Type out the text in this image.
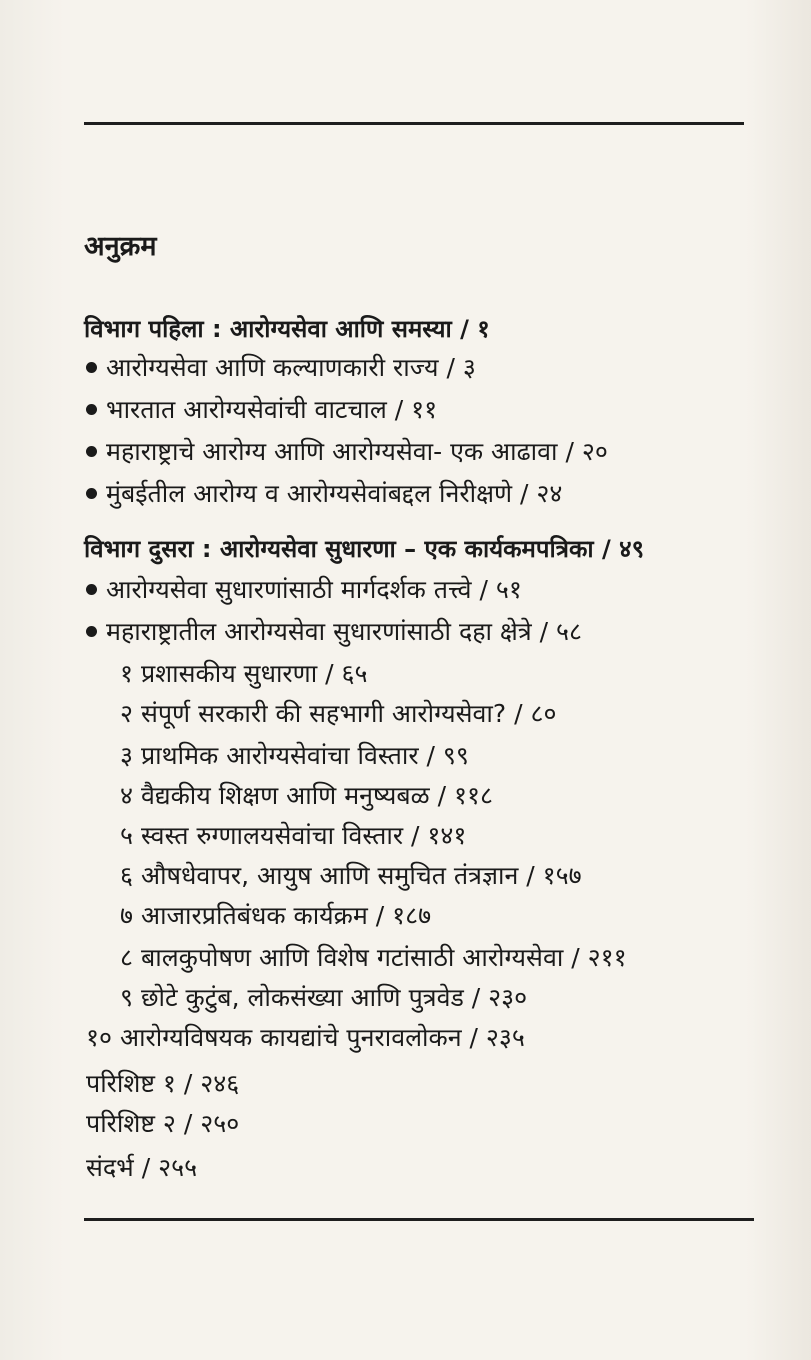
अनुक्रम
विभाग पहिला : आरोग्यसेवा आणि समस्या / १
आरोग्यसेवा आणि कल्याणकारी राज्य / ३
भारतात आरोग्यसेवांची वाटचाल / ११
महाराष्ट्राचे आरोग्य आणि आरोग्यसेवा- एक आढावा / २०
मुंबईतील आरोग्य व आरोग्यसेवांबद्दल निरीक्षणे / २४
विभाग दुसरा : आरोग्यसेवा सुधारणा – एक कार्यकमपत्रिका / ४९
आरोग्यसेवा सुधारणांसाठी मार्गदर्शक तत्त्वे / ५१
महाराष्ट्रातील आरोग्यसेवा सुधारणांसाठी दहा क्षेत्रे / ५८
१ प्रशासकीय सुधारणा / ६५
२ संपूर्ण सरकारी की सहभागी आरोग्यसेवा? / ८०
३ प्राथमिक आरोग्यसेवांचा विस्तार / ९९
४ वैद्यकीय शिक्षण आणि मनुष्यबळ / ११८
५ स्वस्त रुग्णालयसेवांचा विस्तार / १४१
६ औषधेवापर, आयुष आणि समुचित तंत्रज्ञान / १५७
७ आजारप्रतिबंधक कार्यक्रम / १८७
८ बालकुपोषण आणि विशेष गटांसाठी आरोग्यसेवा / २११
९ छोटे कुटुंब, लोकसंख्या आणि पुत्रवेड / २३०
१० आरोग्यविषयक कायद्यांचे पुनरावलोकन / २३५
परिशिष्ट १ / २४६
परिशिष्ट २ / २५०
संदर्भ / २५५
